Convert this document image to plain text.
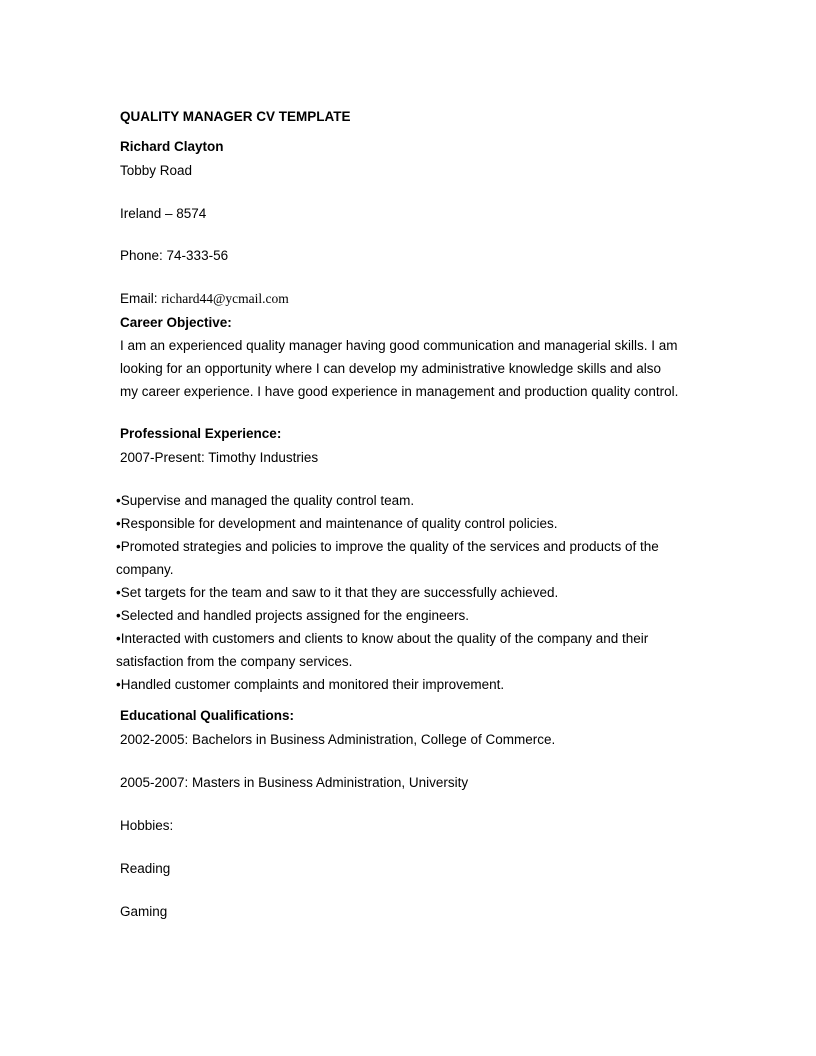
QUALITY MANAGER CV TEMPLATE

Richard Clayton

Tobby Road

Ireland – 8574

Phone: 74-333-56

Email: richard44@ycmail.com

Career Objective:

I am an experienced quality manager having good communication and managerial skills. I am looking for an opportunity where I can develop my administrative knowledge skills and also my career experience. I have good experience in management and production quality control.

Professional Experience:

2007-Present: Timothy Industries

•Supervise and managed the quality control team.

•Responsible for development and maintenance of quality control policies.

•Promoted strategies and policies to improve the quality of the services and products of the company.

•Set targets for the team and saw to it that they are successfully achieved.

•Selected and handled projects assigned for the engineers.

•Interacted with customers and clients to know about the quality of the company and their satisfaction from the company services.

•Handled customer complaints and monitored their improvement.

Educational Qualifications:

2002-2005: Bachelors in Business Administration, College of Commerce.

2005-2007: Masters in Business Administration, University

Hobbies:

Reading

Gaming
